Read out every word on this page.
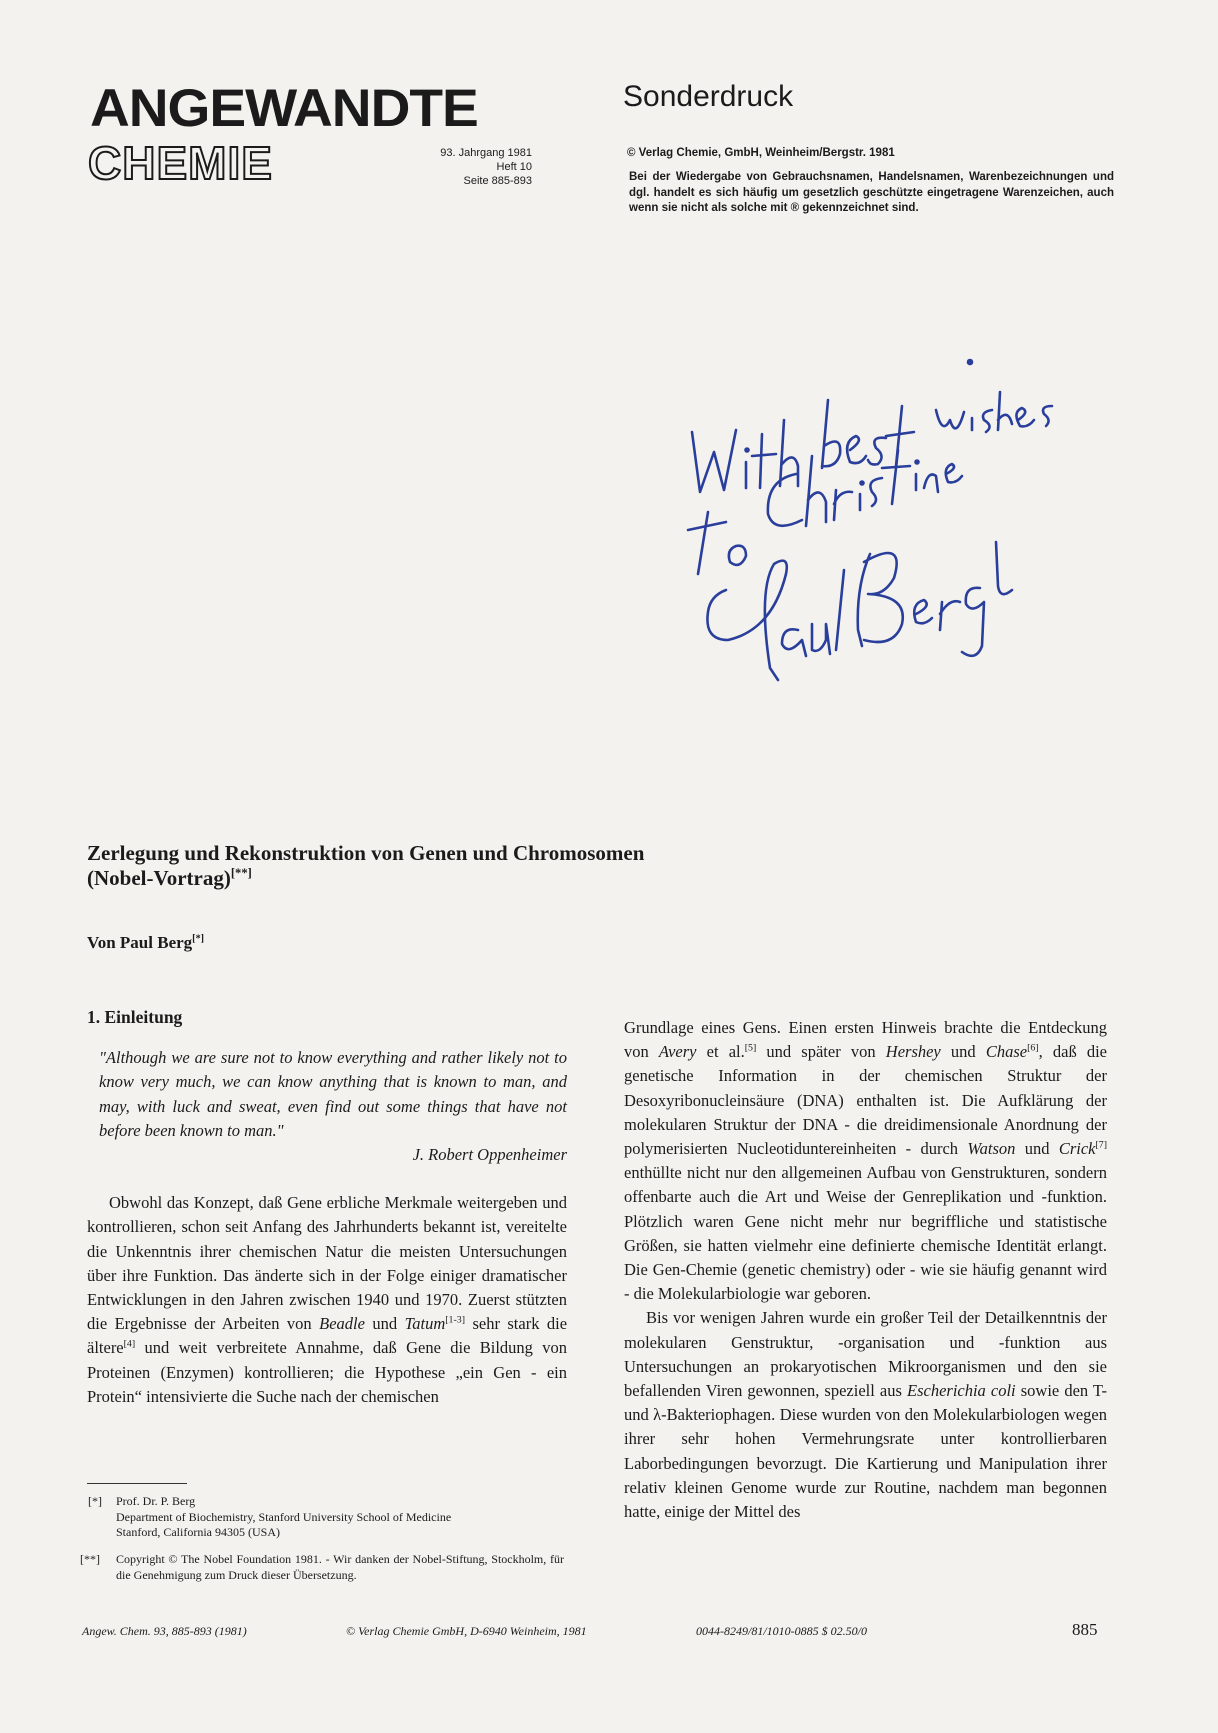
ANGEWANDTE
CHEMIE	93. Jahrgang 1981
Heft 10
Seite 885-893
Sonderdruck
© Verlag Chemie, GmbH, Weinheim/Bergstr. 1981
Bei der Wiedergabe von Gebrauchsnamen, Handelsnamen, Warenbezeichnungen und dgl. handelt es sich häufig um gesetzlich geschützte eingetragene Warenzeichen, auch wenn sie nicht als solche mit ® gekennzeichnet sind.
Zerlegung und Rekonstruktion von Genen und Chromosomen
(Nobel-Vortrag)[**]
Von Paul Berg[*]
1. Einleitung

"Although we are sure not to know everything and rather likely not to know very much, we can know anything that is known to man, and may, with luck and sweat, even find out some things that have not before been known to man."

J. Robert Oppenheimer

Obwohl das Konzept, daß Gene erbliche Merkmale weitergeben und kontrollieren, schon seit Anfang des Jahrhunderts bekannt ist, vereitelte die Unkenntnis ihrer chemischen Natur die meisten Untersuchungen über ihre Funktion. Das änderte sich in der Folge einiger dramatischer Entwicklungen in den Jahren zwischen 1940 und 1970. Zuerst stützten die Ergebnisse der Arbeiten von Beadle und Tatum[1-3] sehr stark die ältere[4] und weit verbreitete Annahme, daß Gene die Bildung von Proteinen (Enzymen) kontrollieren; die Hypothese „ein Gen - ein Protein“ intensivierte die Suche nach der chemischen

Grundlage eines Gens. Einen ersten Hinweis brachte die Entdeckung von Avery et al.[5] und später von Hershey und Chase[6], daß die genetische Information in der chemischen Struktur der Desoxyribonucleinsäure (DNA) enthalten ist. Die Aufklärung der molekularen Struktur der DNA - die dreidimensionale Anordnung der polymerisierten Nucleotiduntereinheiten - durch Watson und Crick[7] enthüllte nicht nur den allgemeinen Aufbau von Genstrukturen, sondern offenbarte auch die Art und Weise der Genreplikation und -funktion. Plötzlich waren Gene nicht mehr nur begriffliche und statistische Größen, sie hatten vielmehr eine definierte chemische Identität erlangt. Die Gen-Chemie (genetic chemistry) oder - wie sie häufig genannt wird - die Molekularbiologie war geboren.

Bis vor wenigen Jahren wurde ein großer Teil der Detailkenntnis der molekularen Genstruktur, -organisation und -funktion aus Untersuchungen an prokaryotischen Mikroorganismen und den sie befallenden Viren gewonnen, speziell aus Escherichia coli sowie den T- und λ-Bakteriophagen. Diese wurden von den Molekularbiologen wegen ihrer sehr hohen Vermehrungsrate unter kontrollierbaren Laborbedingungen bevorzugt. Die Kartierung und Manipulation ihrer relativ kleinen Genome wurde zur Routine, nachdem man begonnen hatte, einige der Mittel des

[*] Prof. Dr. P. Berg
Department of Biochemistry, Stanford University School of Medicine
Stanford, California 94305 (USA)
[**]	Copyright © The Nobel Foundation 1981. - Wir danken der Nobel-Stiftung, Stockholm, für die Genehmigung zum Druck dieser Übersetzung.
Angew. Chem. 93, 885-893 (1981)	© Verlag Chemie GmbH, D-6940 Weinheim, 1981	0044-8249/81/1010-0885 $ 02.50/0	885
